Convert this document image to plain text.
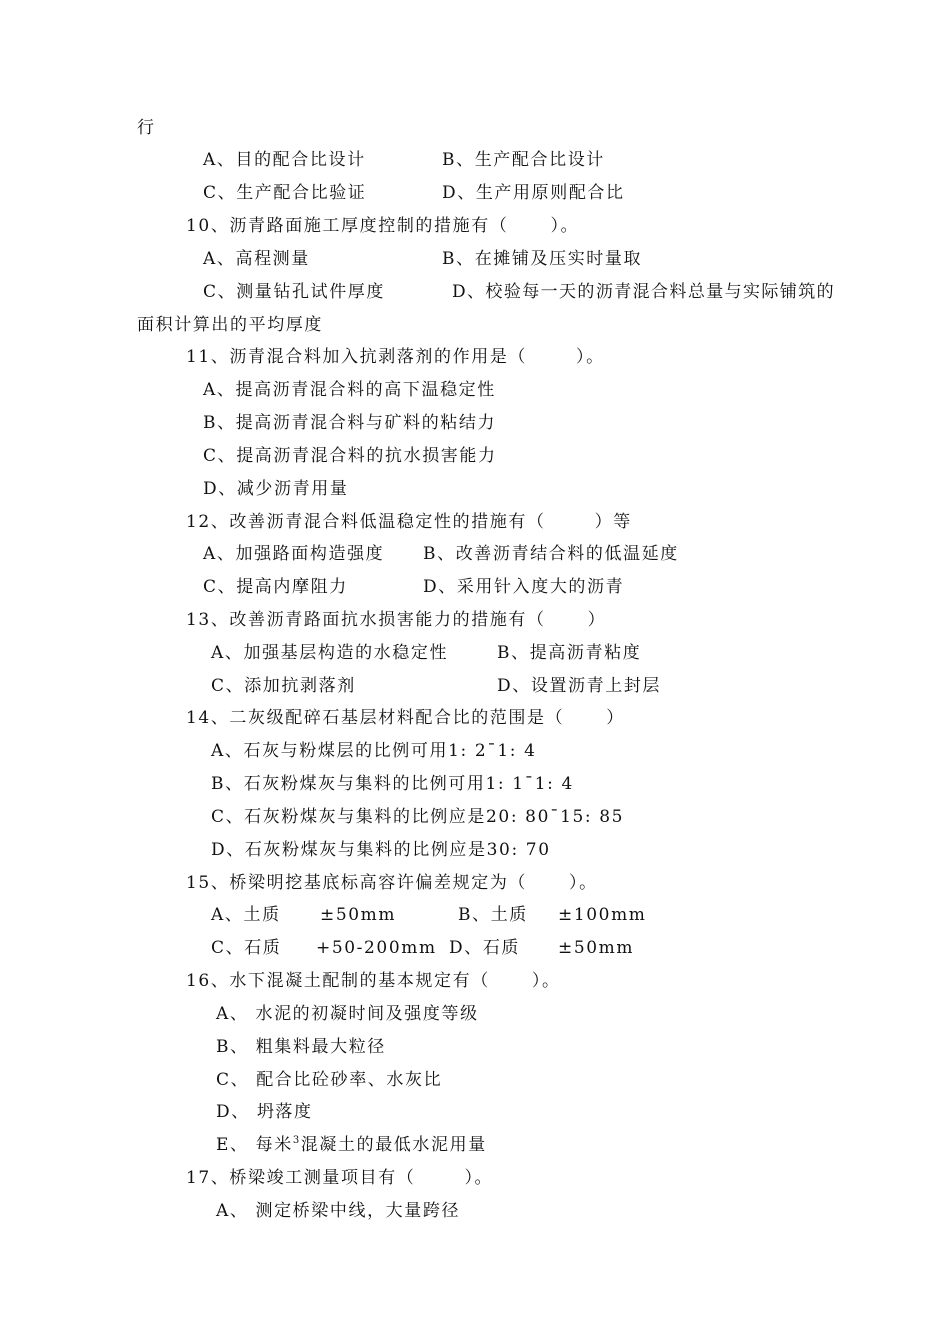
行
A、目的配合比设计	B、生产配合比设计
C、生产配合比验证	D、生产用原则配合比
10、沥青路面施工厚度控制的措施有（      ）。
A、高程测量	B、在摊铺及压实时量取
C、测量钻孔试件厚度	D、校验每一天的沥青混合料总量与实际铺筑的
面积计算出的平均厚度
11、沥青混合料加入抗剥落剂的作用是（       ）。
A、提高沥青混合料的高下温稳定性
B、提高沥青混合料与矿料的粘结力
C、提高沥青混合料的抗水损害能力
D、减少沥青用量
12、改善沥青混合料低温稳定性的措施有（       ）等
A、加强路面构造强度 B、改善沥青结合料的低温延度
C、提高内摩阻力	D、采用针入度大的沥青
13、改善沥青路面抗水损害能力的措施有（      ）
A、加强基层构造的水稳定性	B、提高沥青粘度
C、添加抗剥落剂	D、设置沥青上封层
14、二灰级配碎石基层材料配合比的范围是（      ）
A、石灰与粉煤层的比例可用1: 2¯1: 4
B、石灰粉煤灰与集料的比例可用1: 1¯1: 4
C、石灰粉煤灰与集料的比例应是20: 80¯15: 85
D、石灰粉煤灰与集料的比例应是30: 70
15、桥梁明挖基底标高容许偏差规定为（      ）。
A、土质 ±50mm	B、土质 ±100mm
C、石质 +50-200mm D、石质 ±50mm
16、水下混凝土配制的基本规定有（      ）。
A、 水泥的初凝时间及强度等级
B、 粗集料最大粒径
C、 配合比砼砂率、水灰比
D、 坍落度
E、 每米$^3$混凝土的最低水泥用量
17、桥梁竣工测量项目有（       ）。
A、 测定桥梁中线，大量跨径
